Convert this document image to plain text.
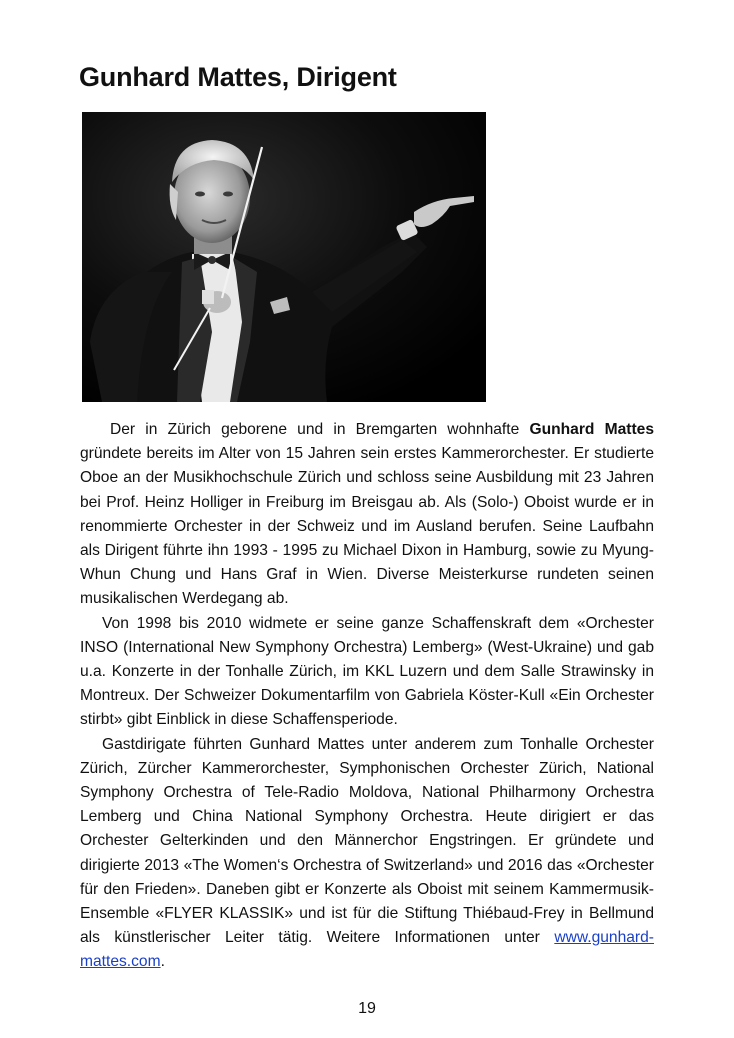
Gunhard Mattes, Dirigent

Der in Zürich geborene und in Bremgarten wohnhafte Gunhard Mattes gründete bereits im Alter von 15 Jahren sein erstes Kammerorchester. Er studierte Oboe an der Musikhochschule Zürich und schloss seine Ausbildung mit 23 Jahren bei Prof. Heinz Holliger in Freiburg im Breisgau ab. Als (Solo-) Oboist wurde er in renommierte Orchester in der Schweiz und im Ausland berufen. Seine Laufbahn als Dirigent führte ihn 1993 - 1995 zu Michael Dixon in Hamburg, sowie zu Myung-Whun Chung und Hans Graf in Wien. Diverse Meisterkurse rundeten seinen musikalischen Werdegang ab.

Von 1998 bis 2010 widmete er seine ganze Schaffenskraft dem «Orchester INSO (International New Symphony Orchestra) Lemberg» (West-Ukraine) und gab u.a. Konzerte in der Tonhalle Zürich, im KKL Luzern und dem Salle Strawinsky in Montreux. Der Schweizer Dokumentarfilm von Gabriela Köster-Kull «Ein Orchester stirbt» gibt Einblick in diese Schaffensperiode.

Gastdirigate führten Gunhard Mattes unter anderem zum Tonhalle Orchester Zürich, Zürcher Kammerorchester, Symphonischen Orchester Zürich, National Symphony Orchestra of Tele-Radio Moldova, National Philharmony Orchestra Lemberg und China National Symphony Orchestra. Heute dirigiert er das Orchester Gelterkinden und den Männerchor Engstringen. Er gründete und dirigierte 2013 «The Women‘s Orchestra of Switzerland» und 2016 das «Orchester für den Frieden». Daneben gibt er Konzerte als Oboist mit seinem Kammermusik-Ensemble «FLYER KLASSIK» und ist für die Stiftung Thiébaud-Frey in Bellmund als künstlerischer Leiter tätig. Weitere Informationen unter www.gunhard-mattes.com.

19
